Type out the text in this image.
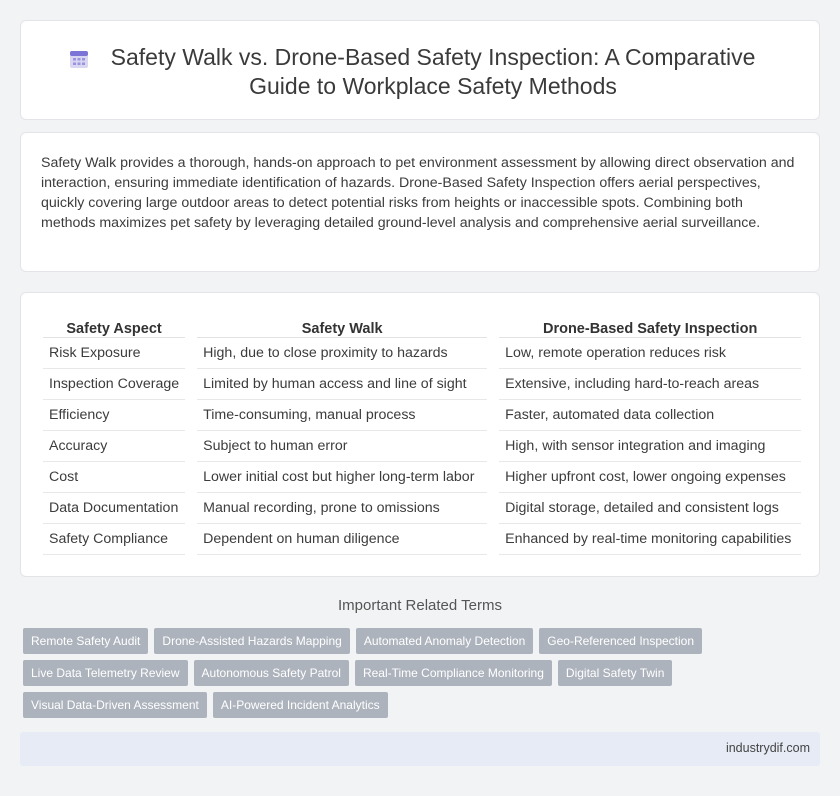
Safety Walk vs. Drone-Based Safety Inspection: A Comparative Guide to Workplace Safety Methods

Safety Walk provides a thorough, hands-on approach to pet environment assessment by allowing direct observation and interaction, ensuring immediate identification of hazards. Drone-Based Safety Inspection offers aerial perspectives, quickly covering large outdoor areas to detect potential risks from heights or inaccessible spots. Combining both methods maximizes pet safety by leveraging detailed ground-level analysis and comprehensive aerial surveillance.

Safety Aspect		Safety Walk		Drone-Based Safety Inspection
Risk Exposure		High, due to close proximity to hazards		Low, remote operation reduces risk
Inspection Coverage		Limited by human access and line of sight		Extensive, including hard-to-reach areas
Efficiency		Time-consuming, manual process		Faster, automated data collection
Accuracy		Subject to human error		High, with sensor integration and imaging
Cost		Lower initial cost but higher long-term labor		Higher upfront cost, lower ongoing expenses
Data Documentation		Manual recording, prone to omissions		Digital storage, detailed and consistent logs
Safety Compliance		Dependent on human diligence		Enhanced by real-time monitoring capabilities
Important Related Terms
Remote Safety Audit	Drone-Assisted Hazards Mapping	Automated Anomaly Detection	Geo-Referenced Inspection
Live Data Telemetry Review	Autonomous Safety Patrol	Real-Time Compliance Monitoring	Digital Safety Twin
Visual Data-Driven Assessment	AI-Powered Incident Analytics
industrydif.com
